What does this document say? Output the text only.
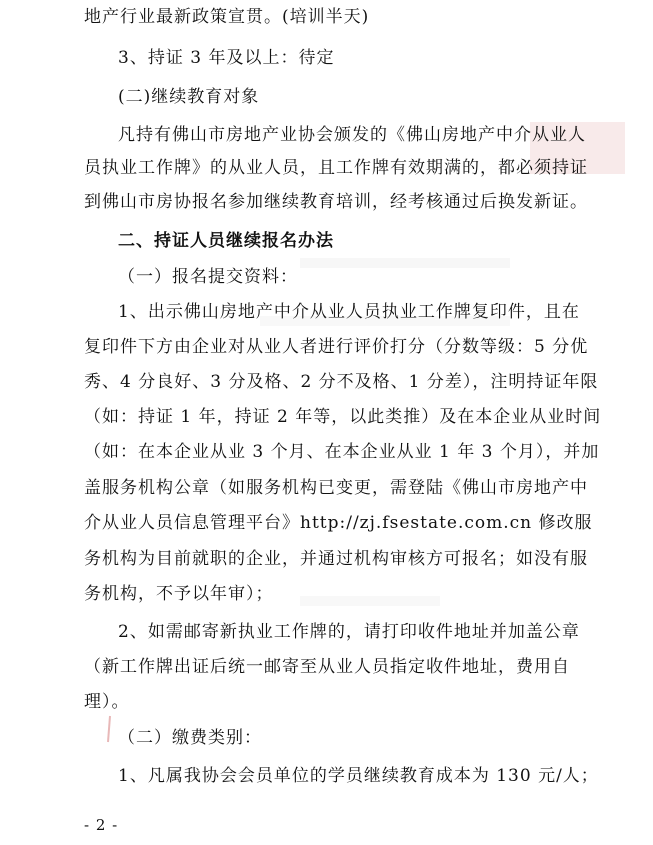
地产行业最新政策宣贯。(培训半天)
3、持证 3 年及以上：待定
(二)继续教育对象
凡持有佛山市房地产业协会颁发的《佛山房地产中介从业人
员执业工作牌》的从业人员，且工作牌有效期满的，都必须持证
到佛山市房协报名参加继续教育培训，经考核通过后换发新证。
二、持证人员继续报名办法
（一）报名提交资料：
1、出示佛山房地产中介从业人员执业工作牌复印件，且在
复印件下方由企业对从业人者进行评价打分（分数等级：5 分优
秀、4 分良好、3 分及格、2 分不及格、1 分差），注明持证年限
（如：持证 1 年，持证 2 年等，以此类推）及在本企业从业时间
（如：在本企业从业 3 个月、在本企业从业 1 年 3 个月），并加
盖服务机构公章（如服务机构已变更，需登陆《佛山市房地产中
介从业人员信息管理平台》http://zj.fsestate.com.cn 修改服
务机构为目前就职的企业，并通过机构审核方可报名；如没有服
务机构，不予以年审）；
2、如需邮寄新执业工作牌的，请打印收件地址并加盖公章
（新工作牌出证后统一邮寄至从业人员指定收件地址，费用自
理）。
（二）缴费类别：
1、凡属我协会会员单位的学员继续教育成本为 130 元/人；
- 2 -
